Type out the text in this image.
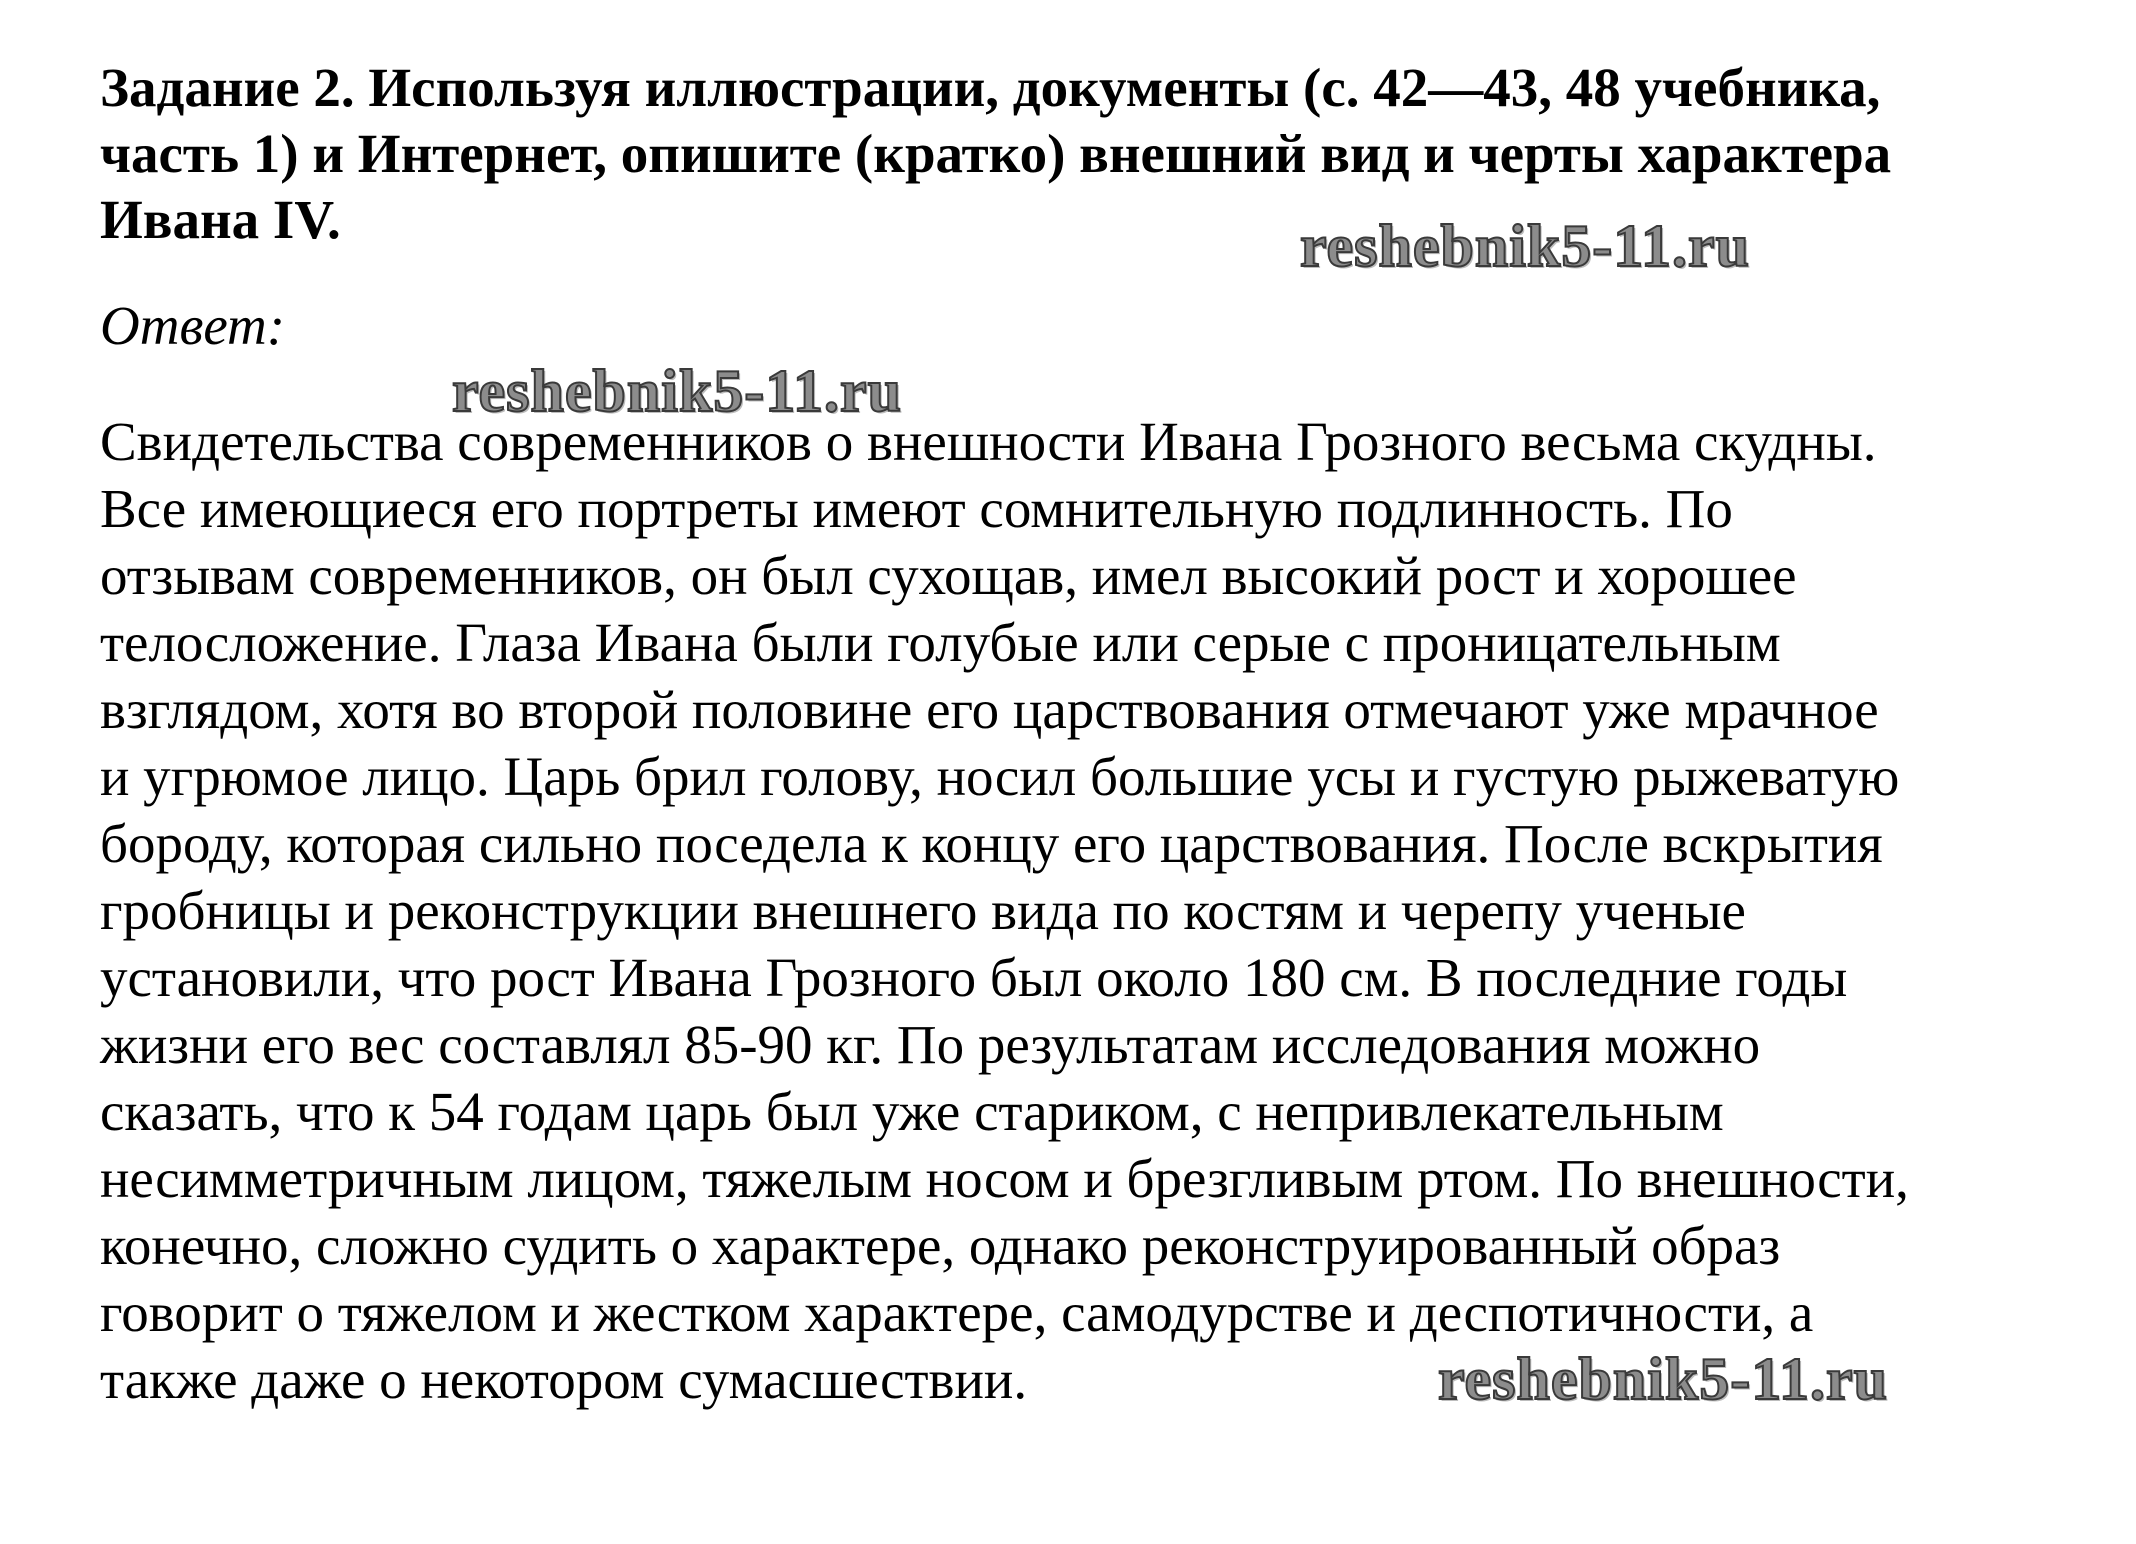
Задание 2. Используя иллюстрации, документы (с. 42—43, 48 учебника,
часть 1) и Интернет, опишите (кратко) внешний вид и черты характера
Ивана IV.
Ответ:
Свидетельства современников о внешности Ивана Грозного весьма скудны.
Все имеющиеся его портреты имеют сомнительную подлинность. По
отзывам современников, он был сухощав, имел высокий рост и хорошее
телосложение. Глаза Ивана были голубые или серые с проницательным
взглядом, хотя во второй половине его царствования отмечают уже мрачное
и угрюмое лицо. Царь брил голову, носил большие усы и густую рыжеватую
бороду, которая сильно поседела к концу его царствования. После вскрытия
гробницы и реконструкции внешнего вида по костям и черепу ученые
установили, что рост Ивана Грозного был около 180 см. В последние годы
жизни его вес составлял 85-90 кг. По результатам исследования можно
сказать, что к 54 годам царь был уже стариком, с непривлекательным
несимметричным лицом, тяжелым носом и брезгливым ртом. По внешности,
конечно, сложно судить о характере, однако реконструированный образ
говорит о тяжелом и жестком характере, самодурстве и деспотичности, а
также даже о некотором сумасшествии.
reshebnik5-11.ru
reshebnik5-11.ru
reshebnik5-11.ru
